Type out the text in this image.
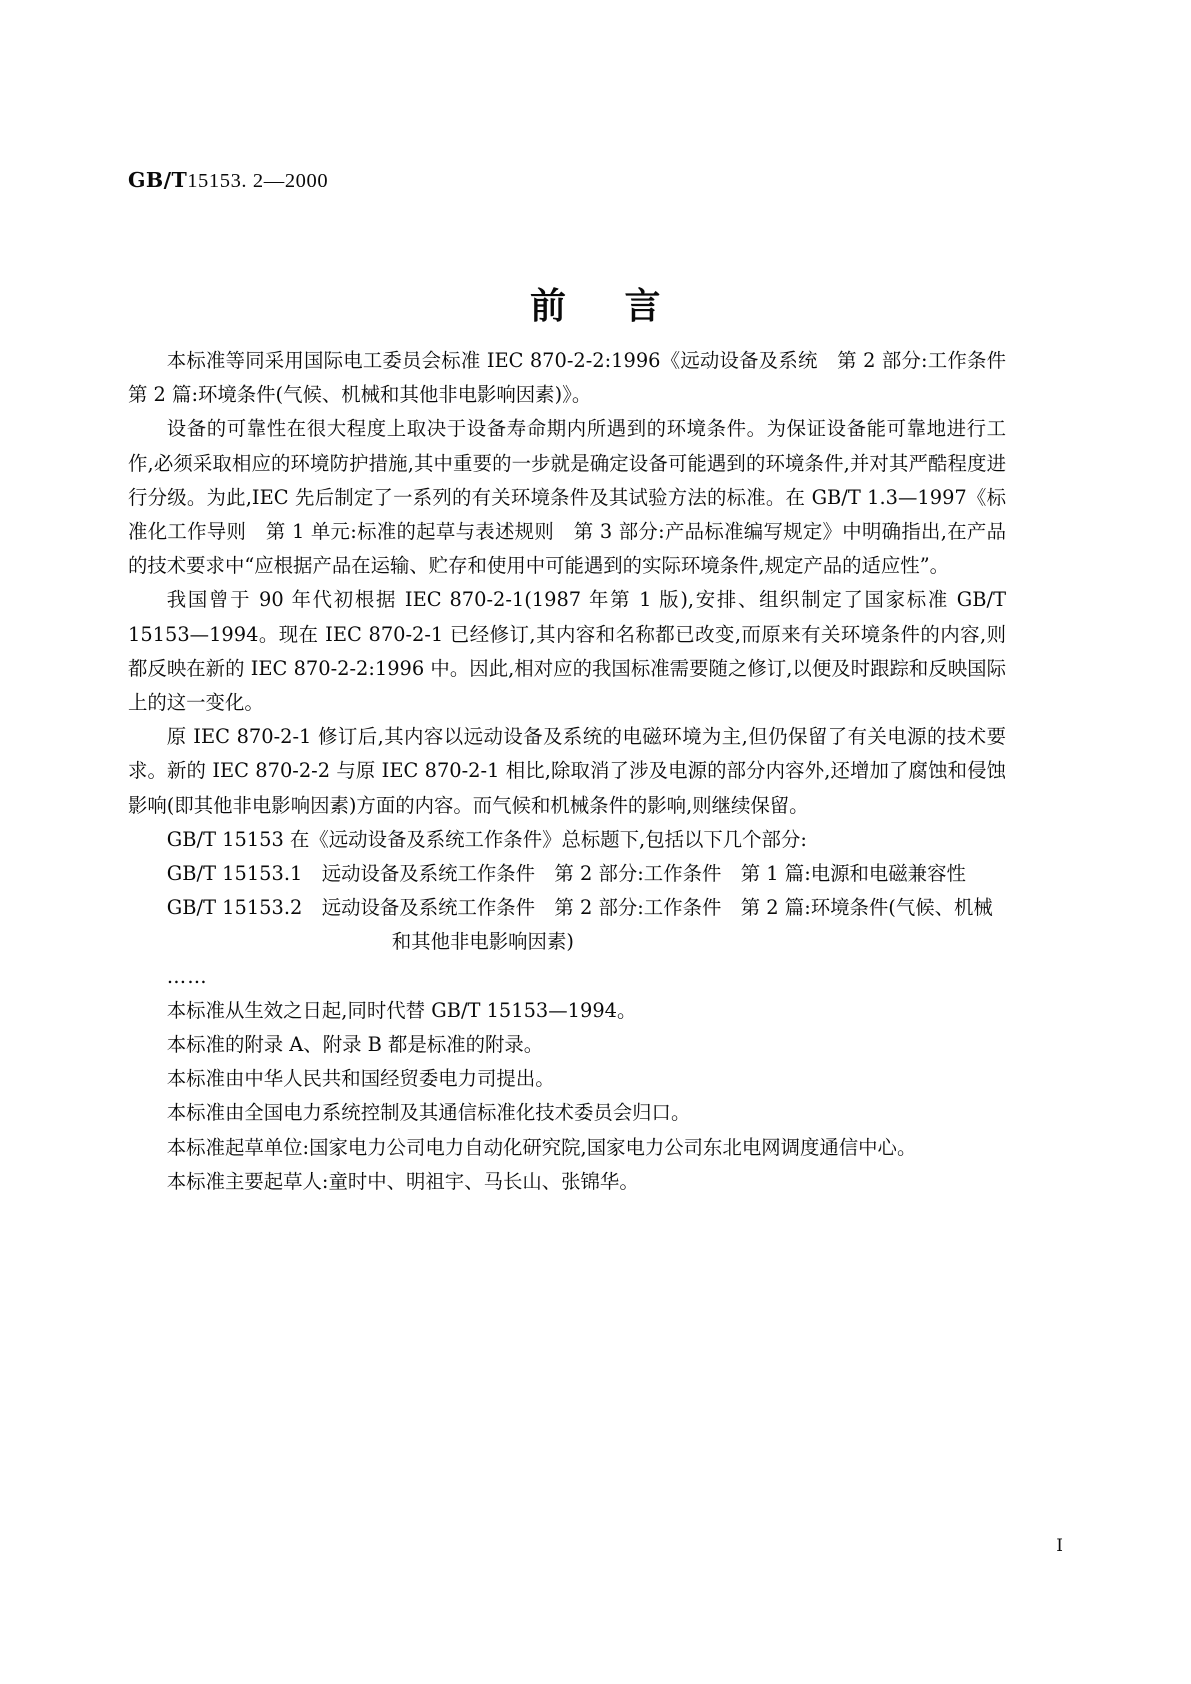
GB/T15153. 2—2000
前 言

本标准等同采用国际电工委员会标准 IEC 870-2-2:1996《远动设备及系统　第 2 部分:工作条件　第 2 篇:环境条件(气候、机械和其他非电影响因素)》。

设备的可靠性在很大程度上取决于设备寿命期内所遇到的环境条件。为保证设备能可靠地进行工作,必须采取相应的环境防护措施,其中重要的一步就是确定设备可能遇到的环境条件,并对其严酷程度进行分级。为此,IEC 先后制定了一系列的有关环境条件及其试验方法的标准。在 GB/T 1.3—1997《标准化工作导则　第 1 单元:标准的起草与表述规则　第 3 部分:产品标准编写规定》中明确指出,在产品的技术要求中“应根据产品在运输、贮存和使用中可能遇到的实际环境条件,规定产品的适应性”。

我国曾于 90 年代初根据 IEC 870-2-1(1987 年第 1 版),安排、组织制定了国家标准 GB/T 15153—1994。现在 IEC 870-2-1 已经修订,其内容和名称都已改变,而原来有关环境条件的内容,则都反映在新的 IEC 870-2-2:1996 中。因此,相对应的我国标准需要随之修订,以便及时跟踪和反映国际上的这一变化。

原 IEC 870-2-1 修订后,其内容以远动设备及系统的电磁环境为主,但仍保留了有关电源的技术要求。新的 IEC 870-2-2 与原 IEC 870-2-1 相比,除取消了涉及电源的部分内容外,还增加了腐蚀和侵蚀影响(即其他非电影响因素)方面的内容。而气候和机械条件的影响,则继续保留。

GB/T 15153 在《远动设备及系统工作条件》总标题下,包括以下几个部分:

GB/T 15153.1　远动设备及系统工作条件　第 2 部分:工作条件　第 1 篇:电源和电磁兼容性

GB/T 15153.2　远动设备及系统工作条件　第 2 部分:工作条件　第 2 篇:环境条件(气候、机械

和其他非电影响因素)

……

本标准从生效之日起,同时代替 GB/T 15153—1994。

本标准的附录 A、附录 B 都是标准的附录。

本标准由中华人民共和国经贸委电力司提出。

本标准由全国电力系统控制及其通信标准化技术委员会归口。

本标准起草单位:国家电力公司电力自动化研究院,国家电力公司东北电网调度通信中心。

本标准主要起草人:童时中、明祖宇、马长山、张锦华。

Ⅰ
